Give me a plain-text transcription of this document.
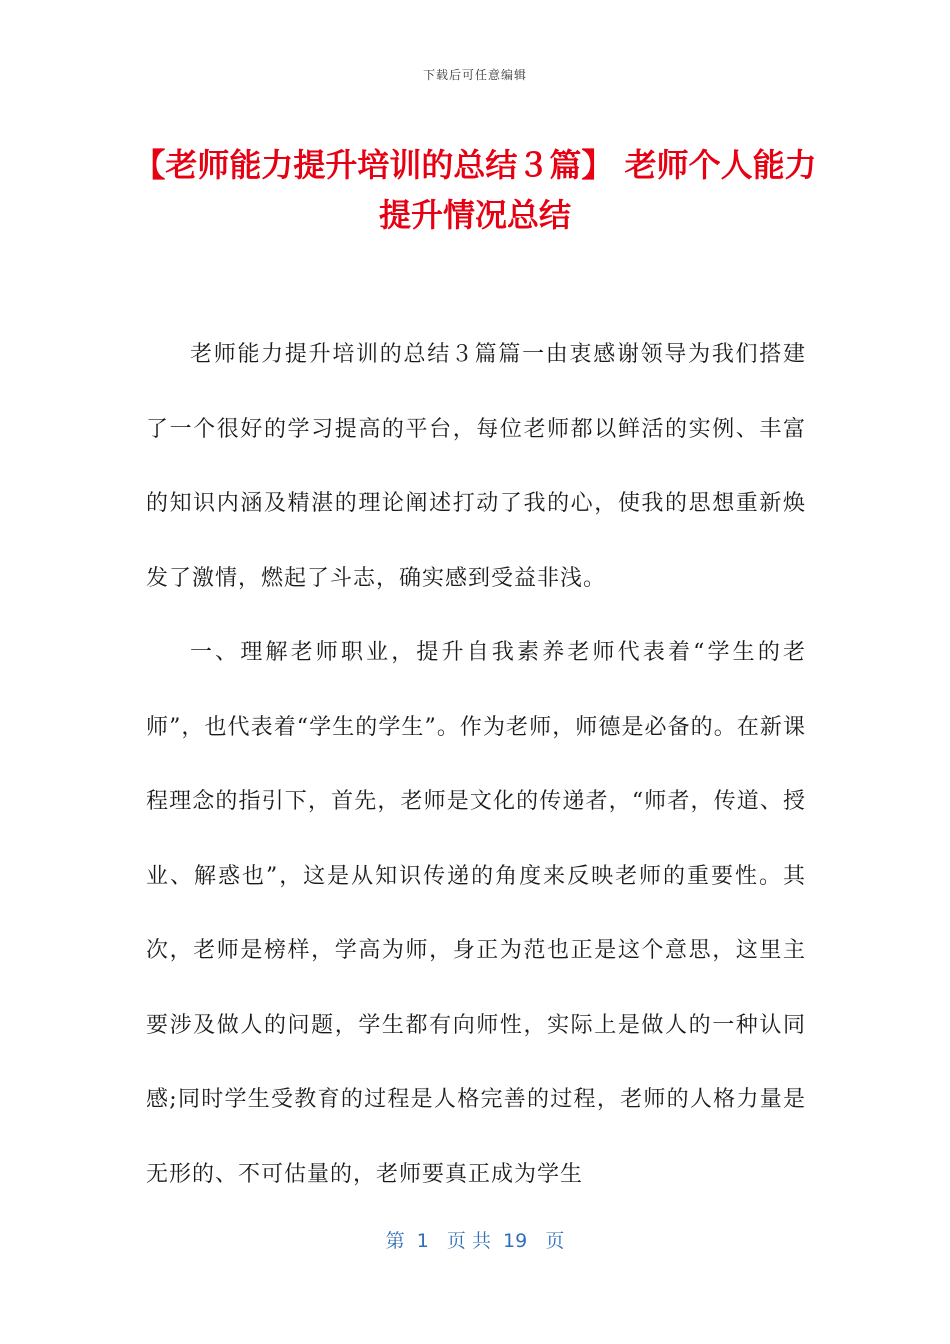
下载后可任意编辑
【老师能力提升培训的总结３篇】 老师个人能力提升情况总结

老师能力提升培训的总结３篇篇一由衷感谢领导为我们搭建了一个很好的学习提高的平台，每位老师都以鲜活的实例、丰富的知识内涵及精湛的理论阐述打动了我的心，使我的思想重新焕发了激情，燃起了斗志，确实感到受益非浅。

一、理解老师职业，提升自我素养老师代表着“学生的老师”，也代表着“学生的学生”。作为老师，师德是必备的。在新课程理念的指引下，首先，老师是文化的传递者，“师者，传道、授业、解惑也”，这是从知识传递的角度来反映老师的重要性。其次，老师是榜样，学高为师，身正为范也正是这个意思，这里主要涉及做人的问题，学生都有向师性，实际上是做人的一种认同感;同时学生受教育的过程是人格完善的过程，老师的人格力量是无形的、不可估量的，老师要真正成为学生

第  1   页 共  19   页
